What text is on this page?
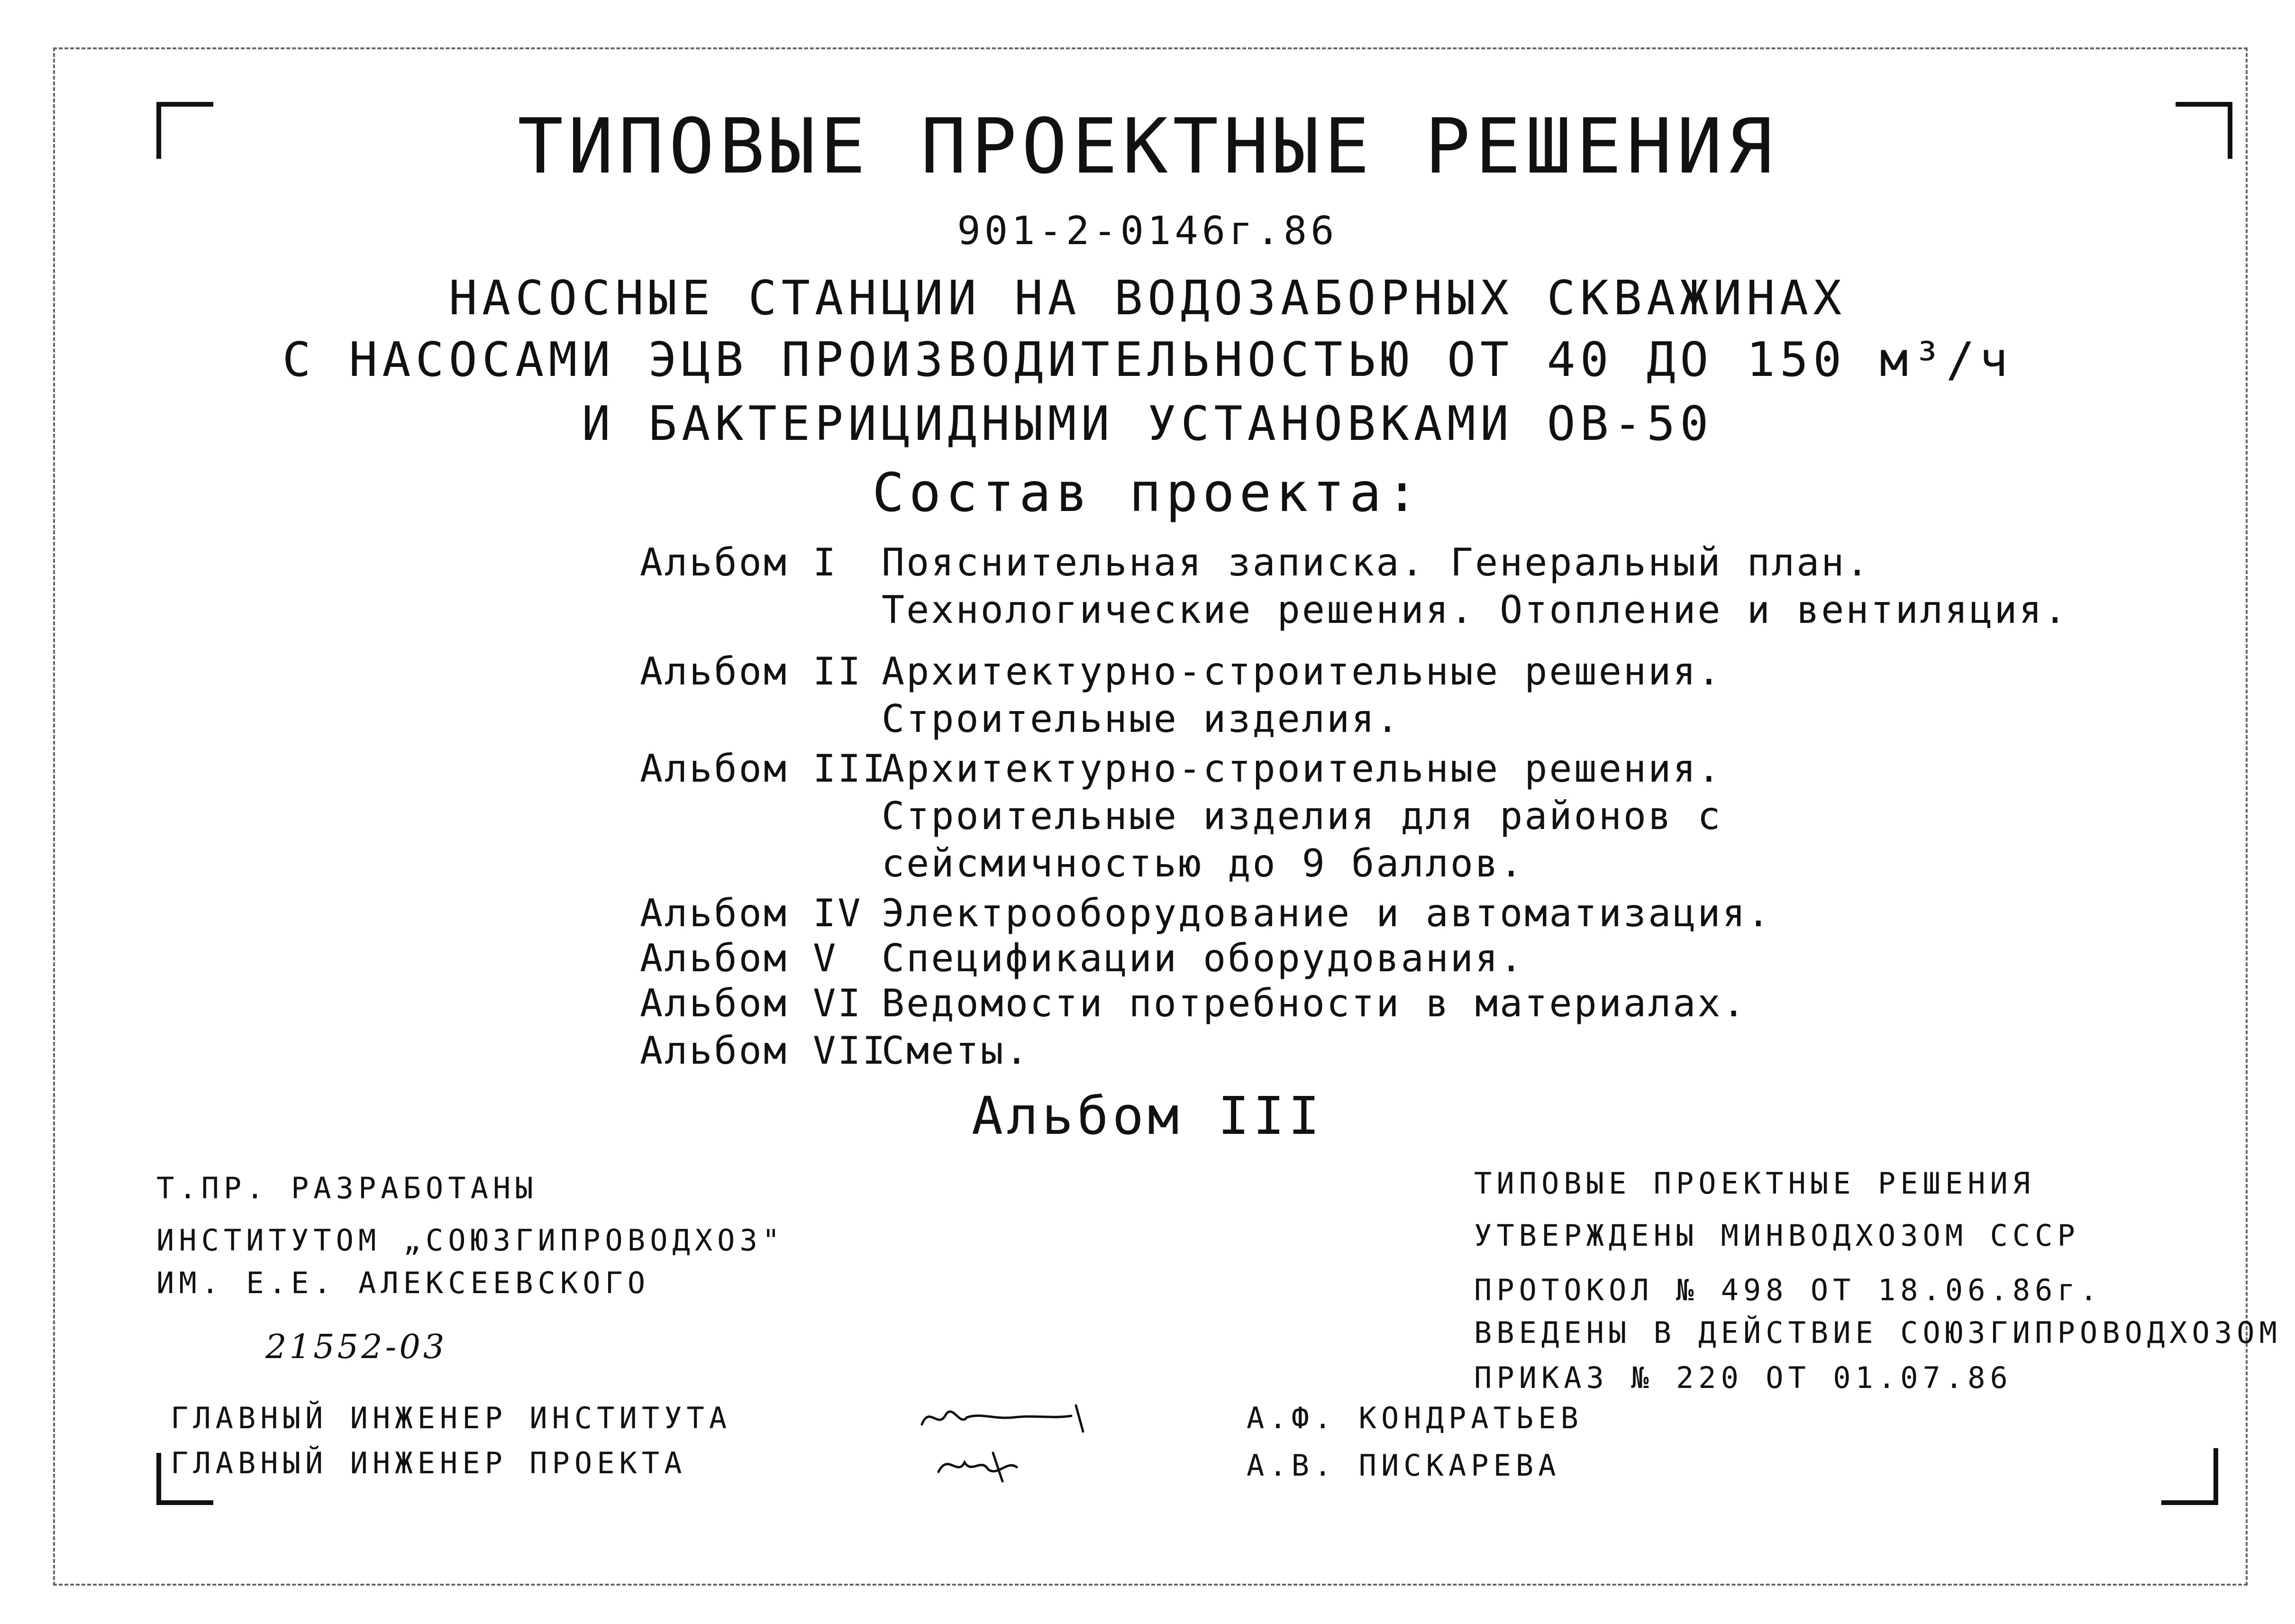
ТИПОВЫЕ ПРОЕКТНЫЕ РЕШЕНИЯ
901-2-0146г.86
НАСОСНЫЕ СТАНЦИИ НА ВОДОЗАБОРНЫХ СКВАЖИНАХ
С НАСОСАМИ ЭЦВ ПРОИЗВОДИТЕЛЬНОСТЬЮ ОТ 40 ДО 150 м³/ч
И БАКТЕРИЦИДНЫМИ УСТАНОВКАМИ ОВ-50
Состав проекта:
Альбом I	Пояснительная записка. Генеральный план.
Технологические решения. Отопление и вентиляция.
Альбом II Архитектурно-строительные решения.
Строительные изделия.
Альбом III
Архитектурно-строительные решения.
Строительные изделия для районов с
сейсмичностью до 9 баллов.
Альбом IV Электрооборудование и автоматизация.
Альбом V	Спецификации оборудования.
Альбом VI Ведомости потребности в материалах.
Альбом VII
Сметы.
Альбом III
Т.ПР. РАЗРАБОТАНЫ
ИНСТИТУТОМ „СОЮЗГИПРОВОДХОЗ"
ИМ. Е.Е. АЛЕКСЕЕВСКОГО
21552-03
ТИПОВЫЕ ПРОЕКТНЫЕ РЕШЕНИЯ
УТВЕРЖДЕНЫ МИНВОДХОЗОМ СССР
ПРОТОКОЛ № 498 ОТ 18.06.86г.
ВВЕДЕНЫ В ДЕЙСТВИЕ СОЮЗГИПРОВОДХОЗОМ
ПРИКАЗ № 220 ОТ 01.07.86
ГЛАВНЫЙ ИНЖЕНЕР ИНСТИТУТА
ГЛАВНЫЙ ИНЖЕНЕР ПРОЕКТА
А.Ф. КОНДРАТЬЕВ
А.В. ПИСКАРЕВА
